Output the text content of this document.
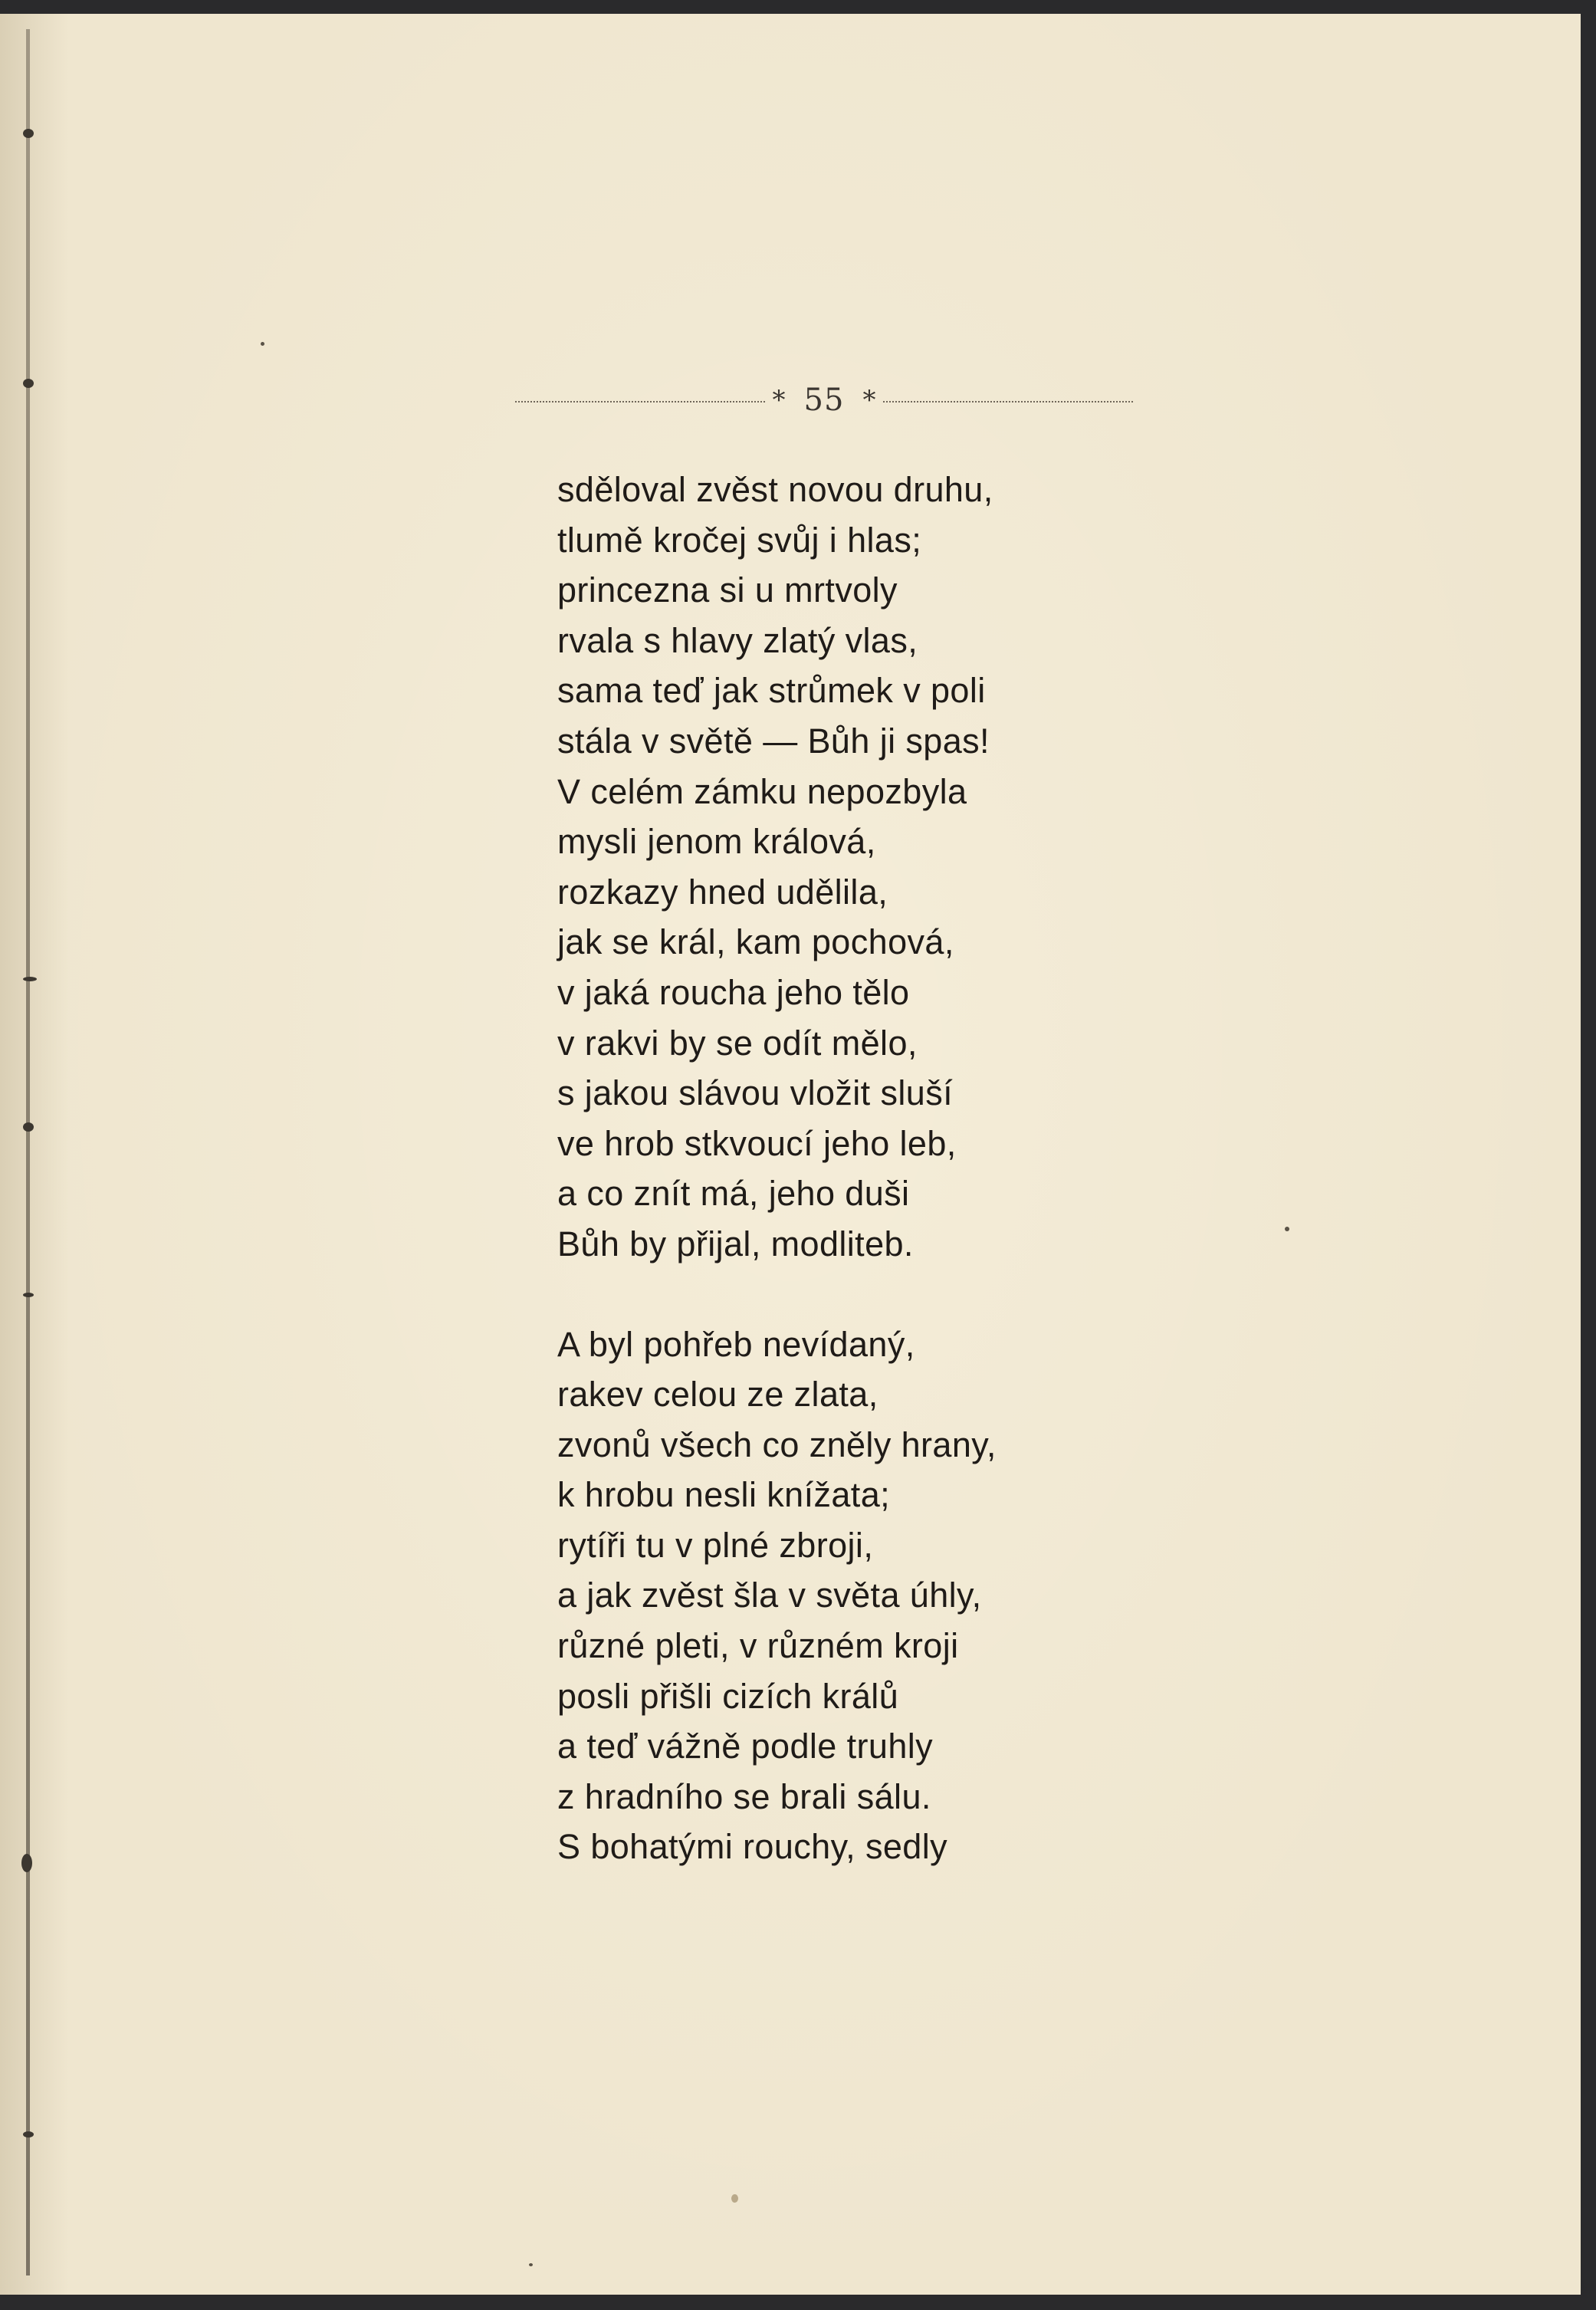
* 55 *
sděloval zvěst novou druhu,
tlumě kročej svůj i hlas;
princezna si u mrtvoly
rvala s hlavy zlatý vlas,
sama teď jak strůmek v poli
stála v světě — Bůh ji spas!
V celém zámku nepozbyla
mysli jenom králová,
rozkazy hned udělila,
jak se král, kam pochová,
v jaká roucha jeho tělo
v rakvi by se odít mělo,
s jakou slávou vložit sluší
ve hrob stkvoucí jeho leb,
a co znít má, jeho duši
Bůh by přijal, modliteb.
A byl pohřeb nevídaný,
rakev celou ze zlata,
zvonů všech co zněly hrany,
k hrobu nesli knížata;
rytíři tu v plné zbroji,
a jak zvěst šla v světa úhly,
různé pleti, v různém kroji
posli přišli cizích králů
a teď vážně podle truhly
z hradního se brali sálu.
S bohatými rouchy, sedly
